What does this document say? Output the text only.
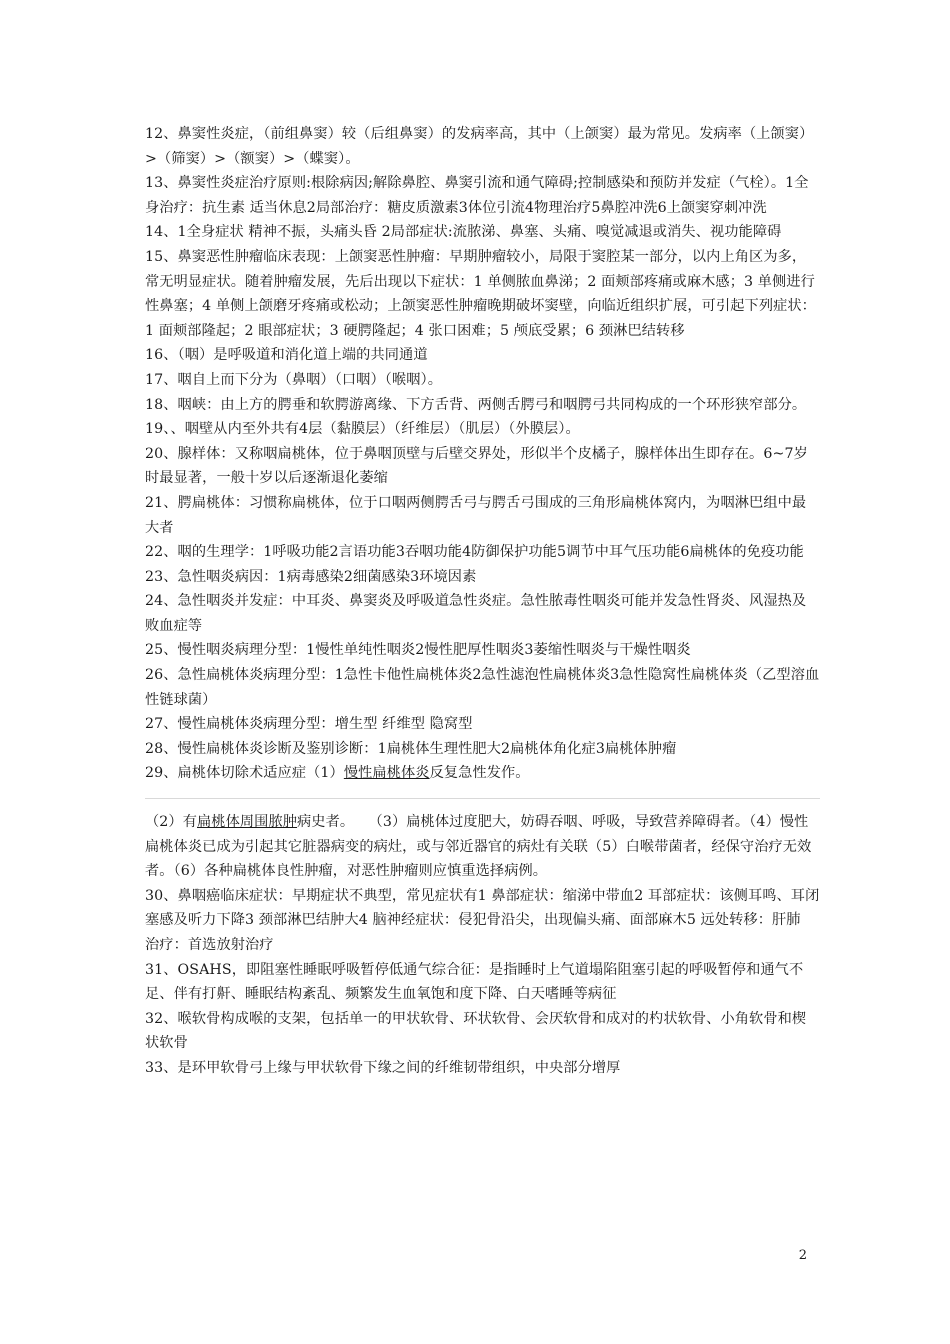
12、鼻窦性炎症，（前组鼻窦）较（后组鼻窦）的发病率高，其中（上颌窦）最为常见。发病率（上颌窦）>（筛窦）>（额窦）>（蝶窦）。

13、鼻窦性炎症治疗原则:根除病因;解除鼻腔、鼻窦引流和通气障碍;控制感染和预防并发症（气栓）。1全身治疗：抗生素 适当休息2局部治疗：糖皮质激素3体位引流4物理治疗5鼻腔冲洗6上颌窦穿刺冲洗

14、1全身症状 精神不振，头痛头昏 2局部症状:流脓涕、鼻塞、头痛、嗅觉减退或消失、视功能障碍

15、鼻窦恶性肿瘤临床表现：上颌窦恶性肿瘤：早期肿瘤较小，局限于窦腔某一部分，以内上角区为多，常无明显症状。随着肿瘤发展，先后出现以下症状：1 单侧脓血鼻涕；2 面颊部疼痛或麻木感；3 单侧进行性鼻塞；4 单侧上颌磨牙疼痛或松动；上颌窦恶性肿瘤晚期破坏窦壁，向临近组织扩展，可引起下列症状：1 面颊部隆起；2 眼部症状；3 硬腭隆起；4 张口困难；5 颅底受累；6 颈淋巴结转移

16、（咽）是呼吸道和消化道上端的共同通道

17、咽自上而下分为（鼻咽）（口咽）（喉咽）。

18、咽峡：由上方的腭垂和软腭游离缘、下方舌背、两侧舌腭弓和咽腭弓共同构成的一个环形狭窄部分。

19、、咽壁从内至外共有4层（黏膜层）（纤维层）（肌层）（外膜层）。

20、腺样体：又称咽扁桃体，位于鼻咽顶壁与后壁交界处，形似半个皮橘子，腺样体出生即存在。6~7岁时最显著，一般十岁以后逐渐退化萎缩

21、腭扁桃体：习惯称扁桃体，位于口咽两侧腭舌弓与腭舌弓围成的三角形扁桃体窝内，为咽淋巴组中最大者

22、咽的生理学：1呼吸功能2言语功能3吞咽功能4防御保护功能5调节中耳气压功能6扁桃体的免疫功能

23、急性咽炎病因：1病毒感染2细菌感染3环境因素

24、急性咽炎并发症：中耳炎、鼻窦炎及呼吸道急性炎症。急性脓毒性咽炎可能并发急性肾炎、风湿热及败血症等

25、慢性咽炎病理分型：1慢性单纯性咽炎2慢性肥厚性咽炎3萎缩性咽炎与干燥性咽炎

26、急性扁桃体炎病理分型：1急性卡他性扁桃体炎2急性滤泡性扁桃体炎3急性隐窝性扁桃体炎（乙型溶血性链球菌）

27、慢性扁桃体炎病理分型：增生型 纤维型 隐窝型

28、慢性扁桃体炎诊断及鉴别诊断：1扁桃体生理性肥大2扁桃体角化症3扁桃体肿瘤

29、扁桃体切除术适应症（1）慢性扁桃体炎反复急性发作。

（2）有扁桃体周围脓肿病史者。　　（3）扁桃体过度肥大，妨碍吞咽、呼吸，导致营养障碍者。（4）慢性扁桃体炎已成为引起其它脏器病变的病灶，或与邻近器官的病灶有关联（5）白喉带菌者，经保守治疗无效者。（6）各种扁桃体良性肿瘤，对恶性肿瘤则应慎重选择病例。

30、鼻咽癌临床症状：早期症状不典型，常见症状有1 鼻部症状：缩涕中带血2 耳部症状：该侧耳鸣、耳闭塞感及听力下降3 颈部淋巴结肿大4 脑神经症状：侵犯骨沿尖，出现偏头痛、面部麻木5 远处转移：肝肺　治疗：首选放射治疗

31、OSAHS，即阻塞性睡眠呼吸暂停低通气综合征：是指睡时上气道塌陷阻塞引起的呼吸暂停和通气不足、伴有打鼾、睡眠结构紊乱、频繁发生血氧饱和度下降、白天嗜睡等病征

32、喉软骨构成喉的支架，包括单一的甲状软骨、环状软骨、会厌软骨和成对的杓状软骨、小角软骨和楔状软骨

33、是环甲软骨弓上缘与甲状软骨下缘之间的纤维韧带组织，中央部分增厚

2
